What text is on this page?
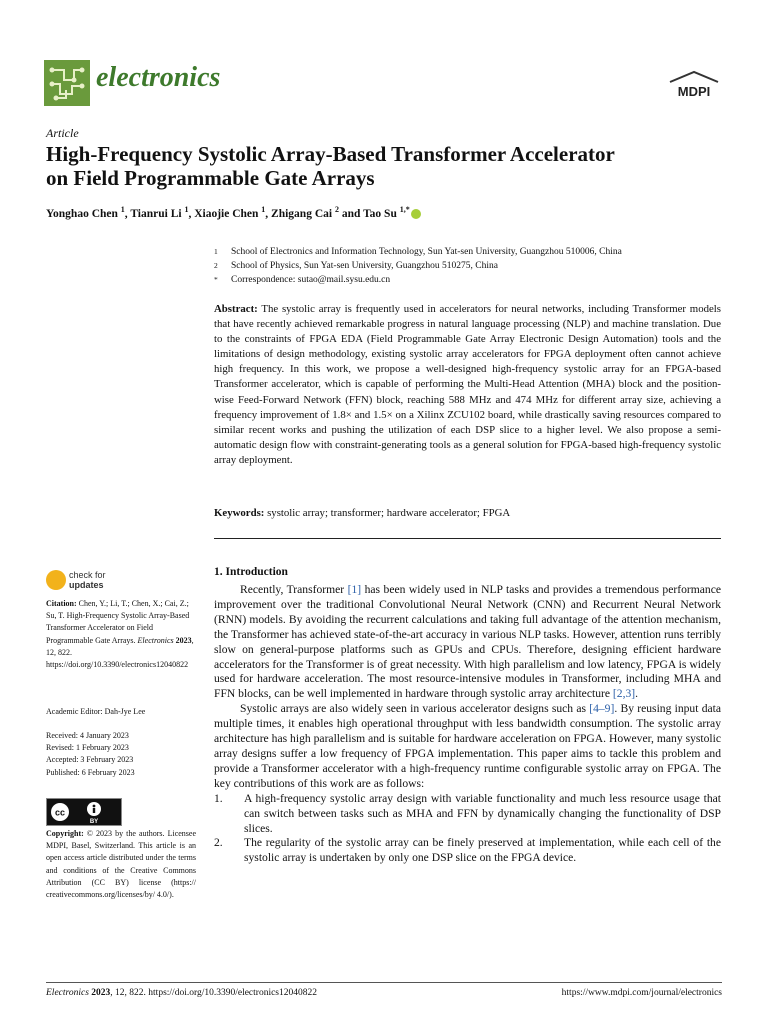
electronics	MDPI
Article
High-Frequency Systolic Array-Based Transformer Accelerator
on Field Programmable Gate Arrays
Yonghao Chen $^1$, Tianrui Li $^1$, Xiaojie Chen $^1$, Zhigang Cai $^2$ and Tao Su $^{1,*}$
1	School of Electronics and Information Technology, Sun Yat-sen University, Guangzhou 510006, China
2	School of Physics, Sun Yat-sen University, Guangzhou 510275, China
*	Correspondence: sutao@mail.sysu.edu.cn
Abstract: The systolic array is frequently used in accelerators for neural networks, including Transformer models that have recently achieved remarkable progress in natural language processing (NLP) and machine translation. Due to the constraints of FPGA EDA (Field Programmable Gate Array Electronic Design Automation) tools and the limitations of design methodology, existing systolic array accelerators for FPGA deployment often cannot achieve high frequency. In this work, we propose a well-designed high-frequency systolic array for an FPGA-based Transformer accelerator, which is capable of performing the Multi-Head Attention (MHA) block and the position-wise Feed-Forward Network (FFN) block, reaching 588 MHz and 474 MHz for different array size, achieving a frequency improvement of 1.8× and 1.5× on a Xilinx ZCU102 board, while drastically saving resources compared to similar recent works and pushing the utilization of each DSP slice to a higher level. We also propose a semi-automatic design flow with constraint-generating tools as a general solution for FPGA-based high-frequency systolic array deployment.
Keywords: systolic array; transformer; hardware accelerator; FPGA
check for
updates
Citation: Chen, Y.; Li, T.; Chen, X.; Cai, Z.; Su, T. High-Frequency Systolic Array-Based Transformer Accelerator on Field Programmable Gate Arrays. Electronics 2023, 12, 822. https://doi.org/10.3390/electronics12040822
Academic Editor: Dah-Jye Lee
Received: 4 January 2023
Revised: 1 February 2023
Accepted: 3 February 2023
Published: 6 February 2023
cc
BY
Copyright: © 2023 by the authors. Licensee MDPI, Basel, Switzerland. This article is an open access article distributed under the terms and conditions of the Creative Commons Attribution (CC BY) license (https:// creativecommons.org/licenses/by/ 4.0/).
1. Introduction

Recently, Transformer [1] has been widely used in NLP tasks and provides a tremendous performance improvement over the traditional Convolutional Neural Network (CNN) and Recurrent Neural Network (RNN) models. By avoiding the recurrent calculations and taking full advantage of the attention mechanism, the Transformer has achieved state-of-the-art accuracy in various NLP tasks. However, attention runs terribly slow on general-purpose platforms such as GPUs and CPUs. Therefore, designing efficient hardware accelerators for the Transformer is of great necessity. With high parallelism and low latency, FPGA is widely used for hardware acceleration. The most resource-intensive modules in Transformer, including MHA and FFN blocks, can be well implemented in hardware through systolic array architecture [2,3].

Systolic arrays are also widely seen in various accelerator designs such as [4–9]. By reusing input data multiple times, it enables high operational throughput with less bandwidth consumption. The systolic array architecture has high parallelism and is suitable for hardware acceleration on FPGA. However, many systolic array designs suffer a low frequency of FPGA implementation. This paper aims to tackle this problem and provide a Transformer accelerator with a high-frequency runtime configurable systolic array on FPGA. The key contributions of this work are as follows:

1.	A high-frequency systolic array design with variable functionality and much less resource usage that can switch between tasks such as MHA and FFN by dynamically changing the functionality of DSP slices.
2.	The regularity of the systolic array can be finely preserved at implementation, while each cell of the systolic array is undertaken by only one DSP slice on the FPGA device.
Electronics 2023, 12, 822. https://doi.org/10.3390/electronics12040822	https://www.mdpi.com/journal/electronics
